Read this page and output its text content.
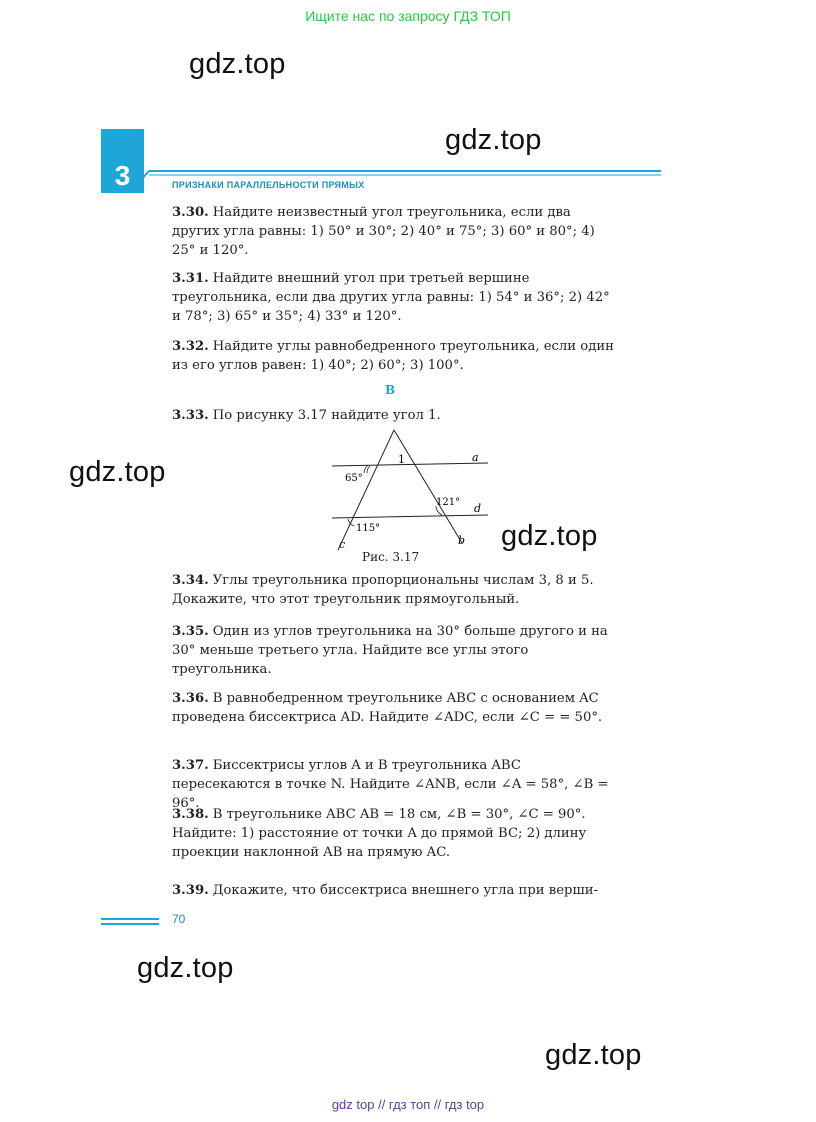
Ищите нас по запросу ГДЗ ТОП
gdz.top
gdz.top
gdz.top
gdz.top
gdz.top
gdz.top
3	ПРИЗНАКИ ПАРАЛЛЕЛЬНОСТИ ПРЯМЫХ
3.30. Найдите неизвестный угол треугольника, если два других угла равны: 1) 50° и 30°; 2) 40° и 75°; 3) 60° и 80°; 4) 25° и 120°.
3.31. Найдите внешний угол при третьей вершине треугольника, если два других угла равны: 1) 54° и 36°; 2) 42° и 78°; 3) 65° и 35°; 4) 33° и 120°.
3.32. Найдите углы равнобедренного треугольника, если один из его углов равен: 1) 40°; 2) 60°; 3) 100°.
В
3.33. По рисунку 3.17 найдите угол 1.
1	a
d
b
c
65°
121°
115°
Рис. 3.17
3.34. Углы треугольника пропорциональны числам 3, 8 и 5. Докажите, что этот треугольник прямоугольный.
3.35. Один из углов треугольника на 30° больше другого и на 30° меньше третьего угла. Найдите все углы этого треугольника.
3.36. В равнобедренном треугольнике ABC с основанием AC проведена биссектриса AD. Найдите ∠ADC, если ∠C = = 50°.
3.37. Биссектрисы углов A и B треугольника ABC пересекаются в точке N. Найдите ∠ANB, если ∠A = 58°, ∠B = 96°.
3.38. В треугольнике ABC AB = 18 см, ∠B = 30°, ∠C = 90°. Найдите: 1) расстояние от точки A до прямой BC; 2) длину проекции наклонной AB на прямую AC.
3.39. Докажите, что биссектриса внешнего угла при верши-
70
gdz top // гдз топ // гдз top
